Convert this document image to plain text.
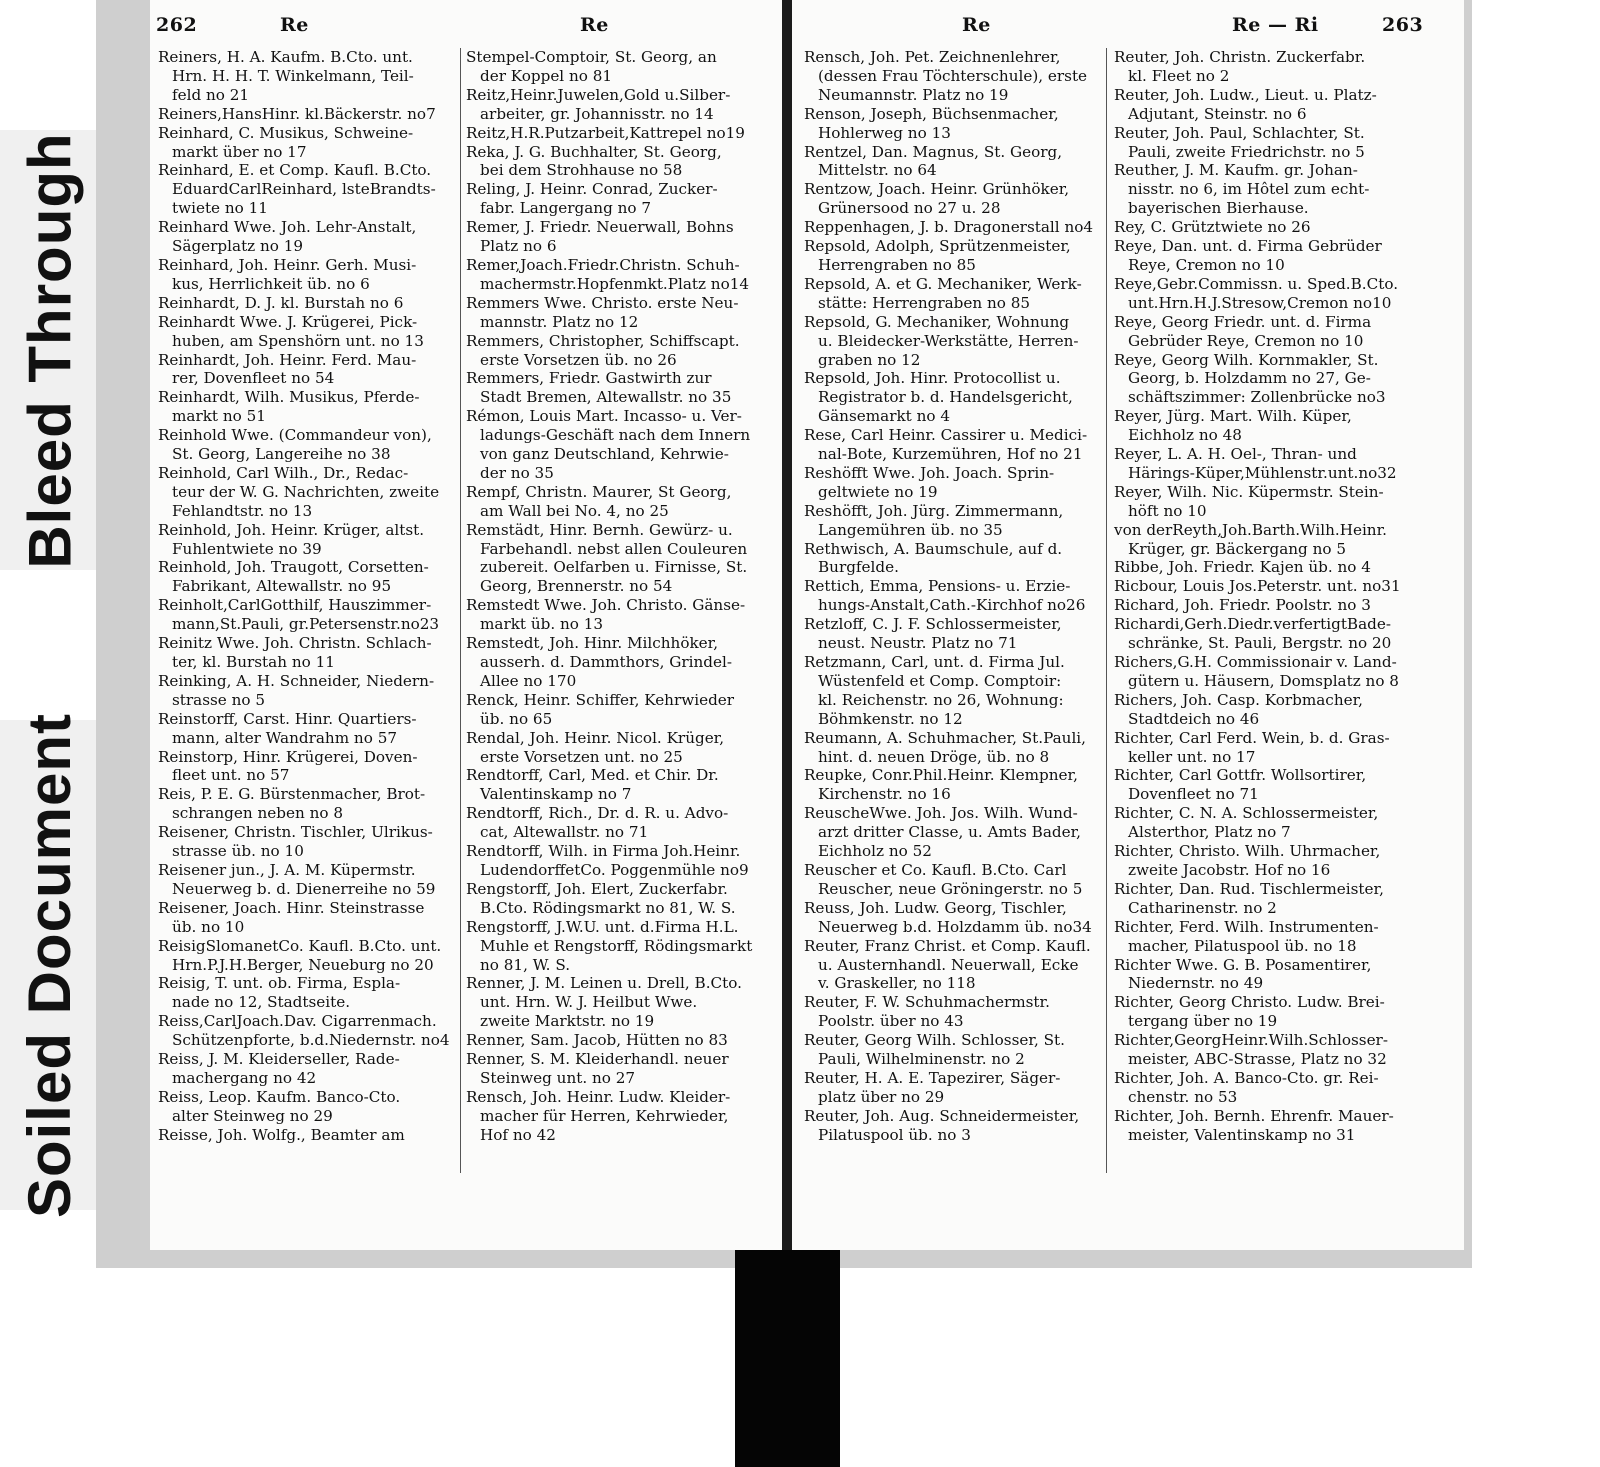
Bleed Through
Soiled Document
262	Re	Re
Reiners, H. A. Kaufm. B.Cto. unt.
Hrn. H. H. T. Winkelmann, Teil-
feld no 21
Reiners,HansHinr. kl.Bäckerstr. no7
Reinhard, C. Musikus, Schweine-
markt über no 17
Reinhard, E. et Comp. Kaufl. B.Cto.
EduardCarlReinhard, lsteBrandts-
twiete no 11
Reinhard Wwe. Joh. Lehr-Anstalt,
Sägerplatz no 19
Reinhard, Joh. Heinr. Gerh. Musi-
kus, Herrlichkeit üb. no 6
Reinhardt, D. J. kl. Burstah no 6
Reinhardt Wwe. J. Krügerei, Pick-
huben, am Spenshörn unt. no 13
Reinhardt, Joh. Heinr. Ferd. Mau-
rer, Dovenfleet no 54
Reinhardt, Wilh. Musikus, Pferde-
markt no 51
Reinhold Wwe. (Commandeur von),
St. Georg, Langereihe no 38
Reinhold, Carl Wilh., Dr., Redac-
teur der W. G. Nachrichten, zweite
Fehlandtstr. no 13
Reinhold, Joh. Heinr. Krüger, altst.
Fuhlentwiete no 39
Reinhold, Joh. Traugott, Corsetten-
Fabrikant, Altewallstr. no 95
Reinholt,CarlGotthilf, Hauszimmer-
mann,St.Pauli, gr.Petersenstr.no23
Reinitz Wwe. Joh. Christn. Schlach-
ter, kl. Burstah no 11
Reinking, A. H. Schneider, Niedern-
strasse no 5
Reinstorff, Carst. Hinr. Quartiers-
mann, alter Wandrahm no 57
Reinstorp, Hinr. Krügerei, Doven-
fleet unt. no 57
Reis, P. E. G. Bürstenmacher, Brot-
schrangen neben no 8
Reisener, Christn. Tischler, Ulrikus-
strasse üb. no 10
Reisener jun., J. A. M. Küpermstr.
Neuerweg b. d. Dienerreihe no 59
Reisener, Joach. Hinr. Steinstrasse
üb. no 10
ReisigSlomanetCo. Kaufl. B.Cto. unt.
Hrn.P.J.H.Berger, Neueburg no 20
Reisig, T. unt. ob. Firma, Espla-
nade no 12, Stadtseite.
Reiss,CarlJoach.Dav. Cigarrenmach.
Schützenpforte, b.d.Niedernstr. no4
Reiss, J. M. Kleiderseller, Rade-
machergang no 42
Reiss, Leop. Kaufm. Banco-Cto.
alter Steinweg no 29
Reisse, Joh. Wolfg., Beamter am
Stempel-Comptoir, St. Georg, an
der Koppel no 81
Reitz,Heinr.Juwelen,Gold u.Silber-
arbeiter, gr. Johannisstr. no 14
Reitz,H.R.Putzarbeit,Kattrepel no19
Reka, J. G. Buchhalter, St. Georg,
bei dem Strohhause no 58
Reling, J. Heinr. Conrad, Zucker-
fabr. Langergang no 7
Remer, J. Friedr. Neuerwall, Bohns
Platz no 6
Remer,Joach.Friedr.Christn. Schuh-
machermstr.Hopfenmkt.Platz no14
Remmers Wwe. Christo. erste Neu-
mannstr. Platz no 12
Remmers, Christopher, Schiffscapt.
erste Vorsetzen üb. no 26
Remmers, Friedr. Gastwirth zur
Stadt Bremen, Altewallstr. no 35
Rémon, Louis Mart. Incasso- u. Ver-
ladungs-Geschäft nach dem Innern
von ganz Deutschland, Kehrwie-
der no 35
Rempf, Christn. Maurer, St Georg,
am Wall bei No. 4, no 25
Remstädt, Hinr. Bernh. Gewürz- u.
Farbehandl. nebst allen Couleuren
zubereit. Oelfarben u. Firnisse, St.
Georg, Brennerstr. no 54
Remstedt Wwe. Joh. Christo. Gänse-
markt üb. no 13
Remstedt, Joh. Hinr. Milchhöker,
ausserh. d. Dammthors, Grindel-
Allee no 170
Renck, Heinr. Schiffer, Kehrwieder
üb. no 65
Rendal, Joh. Heinr. Nicol. Krüger,
erste Vorsetzen unt. no 25
Rendtorff, Carl, Med. et Chir. Dr.
Valentinskamp no 7
Rendtorff, Rich., Dr. d. R. u. Advo-
cat, Altewallstr. no 71
Rendtorff, Wilh. in Firma Joh.Heinr.
LudendorffetCo. Poggenmühle no9
Rengstorff, Joh. Elert, Zuckerfabr.
B.Cto. Rödingsmarkt no 81, W. S.
Rengstorff, J.W.U. unt. d.Firma H.L.
Muhle et Rengstorff, Rödingsmarkt
no 81, W. S.
Renner, J. M. Leinen u. Drell, B.Cto.
unt. Hrn. W. J. Heilbut Wwe.
zweite Marktstr. no 19
Renner, Sam. Jacob, Hütten no 83
Renner, S. M. Kleiderhandl. neuer
Steinweg unt. no 27
Rensch, Joh. Heinr. Ludw. Kleider-
macher für Herren, Kehrwieder,
Hof no 42
Re	Re — Ri	263
Rensch, Joh. Pet. Zeichnenlehrer,
(dessen Frau Töchterschule), erste
Neumannstr. Platz no 19
Renson, Joseph, Büchsenmacher,
Hohlerweg no 13
Rentzel, Dan. Magnus, St. Georg,
Mittelstr. no 64
Rentzow, Joach. Heinr. Grünhöker,
Grünersood no 27 u. 28
Reppenhagen, J. b. Dragonerstall no4
Repsold, Adolph, Sprützenmeister,
Herrengraben no 85
Repsold, A. et G. Mechaniker, Werk-
stätte: Herrengraben no 85
Repsold, G. Mechaniker, Wohnung
u. Bleidecker-Werkstätte, Herren-
graben no 12
Repsold, Joh. Hinr. Protocollist u.
Registrator b. d. Handelsgericht,
Gänsemarkt no 4
Rese, Carl Heinr. Cassirer u. Medici-
nal-Bote, Kurzemühren, Hof no 21
Reshöfft Wwe. Joh. Joach. Sprin-
geltwiete no 19
Reshöfft, Joh. Jürg. Zimmermann,
Langemühren üb. no 35
Rethwisch, A. Baumschule, auf d.
Burgfelde.
Rettich, Emma, Pensions- u. Erzie-
hungs-Anstalt,Cath.-Kirchhof no26
Retzloff, C. J. F. Schlossermeister,
neust. Neustr. Platz no 71
Retzmann, Carl, unt. d. Firma Jul.
Wüstenfeld et Comp. Comptoir:
kl. Reichenstr. no 26, Wohnung:
Böhmkenstr. no 12
Reumann, A. Schuhmacher, St.Pauli,
hint. d. neuen Dröge, üb. no 8
Reupke, Conr.Phil.Heinr. Klempner,
Kirchenstr. no 16
ReuscheWwe. Joh. Jos. Wilh. Wund-
arzt dritter Classe, u. Amts Bader,
Eichholz no 52
Reuscher et Co. Kaufl. B.Cto. Carl
Reuscher, neue Gröningerstr. no 5
Reuss, Joh. Ludw. Georg, Tischler,
Neuerweg b.d. Holzdamm üb. no34
Reuter, Franz Christ. et Comp. Kaufl.
u. Austernhandl. Neuerwall, Ecke
v. Graskeller, no 118
Reuter, F. W. Schuhmachermstr.
Poolstr. über no 43
Reuter, Georg Wilh. Schlosser, St.
Pauli, Wilhelminenstr. no 2
Reuter, H. A. E. Tapezirer, Säger-
platz über no 29
Reuter, Joh. Aug. Schneidermeister,
Pilatuspool üb. no 3
Reuter, Joh. Christn. Zuckerfabr.
kl. Fleet no 2
Reuter, Joh. Ludw., Lieut. u. Platz-
Adjutant, Steinstr. no 6
Reuter, Joh. Paul, Schlachter, St.
Pauli, zweite Friedrichstr. no 5
Reuther, J. M. Kaufm. gr. Johan-
nisstr. no 6, im Hôtel zum echt-
bayerischen Bierhause.
Rey, C. Grütztwiete no 26
Reye, Dan. unt. d. Firma Gebrüder
Reye, Cremon no 10
Reye,Gebr.Commissn. u. Sped.B.Cto.
unt.Hrn.H.J.Stresow,Cremon no10
Reye, Georg Friedr. unt. d. Firma
Gebrüder Reye, Cremon no 10
Reye, Georg Wilh. Kornmakler, St.
Georg, b. Holzdamm no 27, Ge-
schäftszimmer: Zollenbrücke no3
Reyer, Jürg. Mart. Wilh. Küper,
Eichholz no 48
Reyer, L. A. H. Oel-, Thran- und
Härings-Küper,Mühlenstr.unt.no32
Reyer, Wilh. Nic. Küpermstr. Stein-
höft no 10
von derReyth,Joh.Barth.Wilh.Heinr.
Krüger, gr. Bäckergang no 5
Ribbe, Joh. Friedr. Kajen üb. no 4
Ricbour, Louis Jos.Peterstr. unt. no31
Richard, Joh. Friedr. Poolstr. no 3
Richardi,Gerh.Diedr.verfertigtBade-
schränke, St. Pauli, Bergstr. no 20
Richers,G.H. Commissionair v. Land-
gütern u. Häusern, Domsplatz no 8
Richers, Joh. Casp. Korbmacher,
Stadtdeich no 46
Richter, Carl Ferd. Wein, b. d. Gras-
keller unt. no 17
Richter, Carl Gottfr. Wollsortirer,
Dovenfleet no 71
Richter, C. N. A. Schlossermeister,
Alsterthor, Platz no 7
Richter, Christo. Wilh. Uhrmacher,
zweite Jacobstr. Hof no 16
Richter, Dan. Rud. Tischlermeister,
Catharinenstr. no 2
Richter, Ferd. Wilh. Instrumenten-
macher, Pilatuspool üb. no 18
Richter Wwe. G. B. Posamentirer,
Niedernstr. no 49
Richter, Georg Christo. Ludw. Brei-
tergang über no 19
Richter,GeorgHeinr.Wilh.Schlosser-
meister, ABC-Strasse, Platz no 32
Richter, Joh. A. Banco-Cto. gr. Rei-
chenstr. no 53
Richter, Joh. Bernh. Ehrenfr. Mauer-
meister, Valentinskamp no 31
